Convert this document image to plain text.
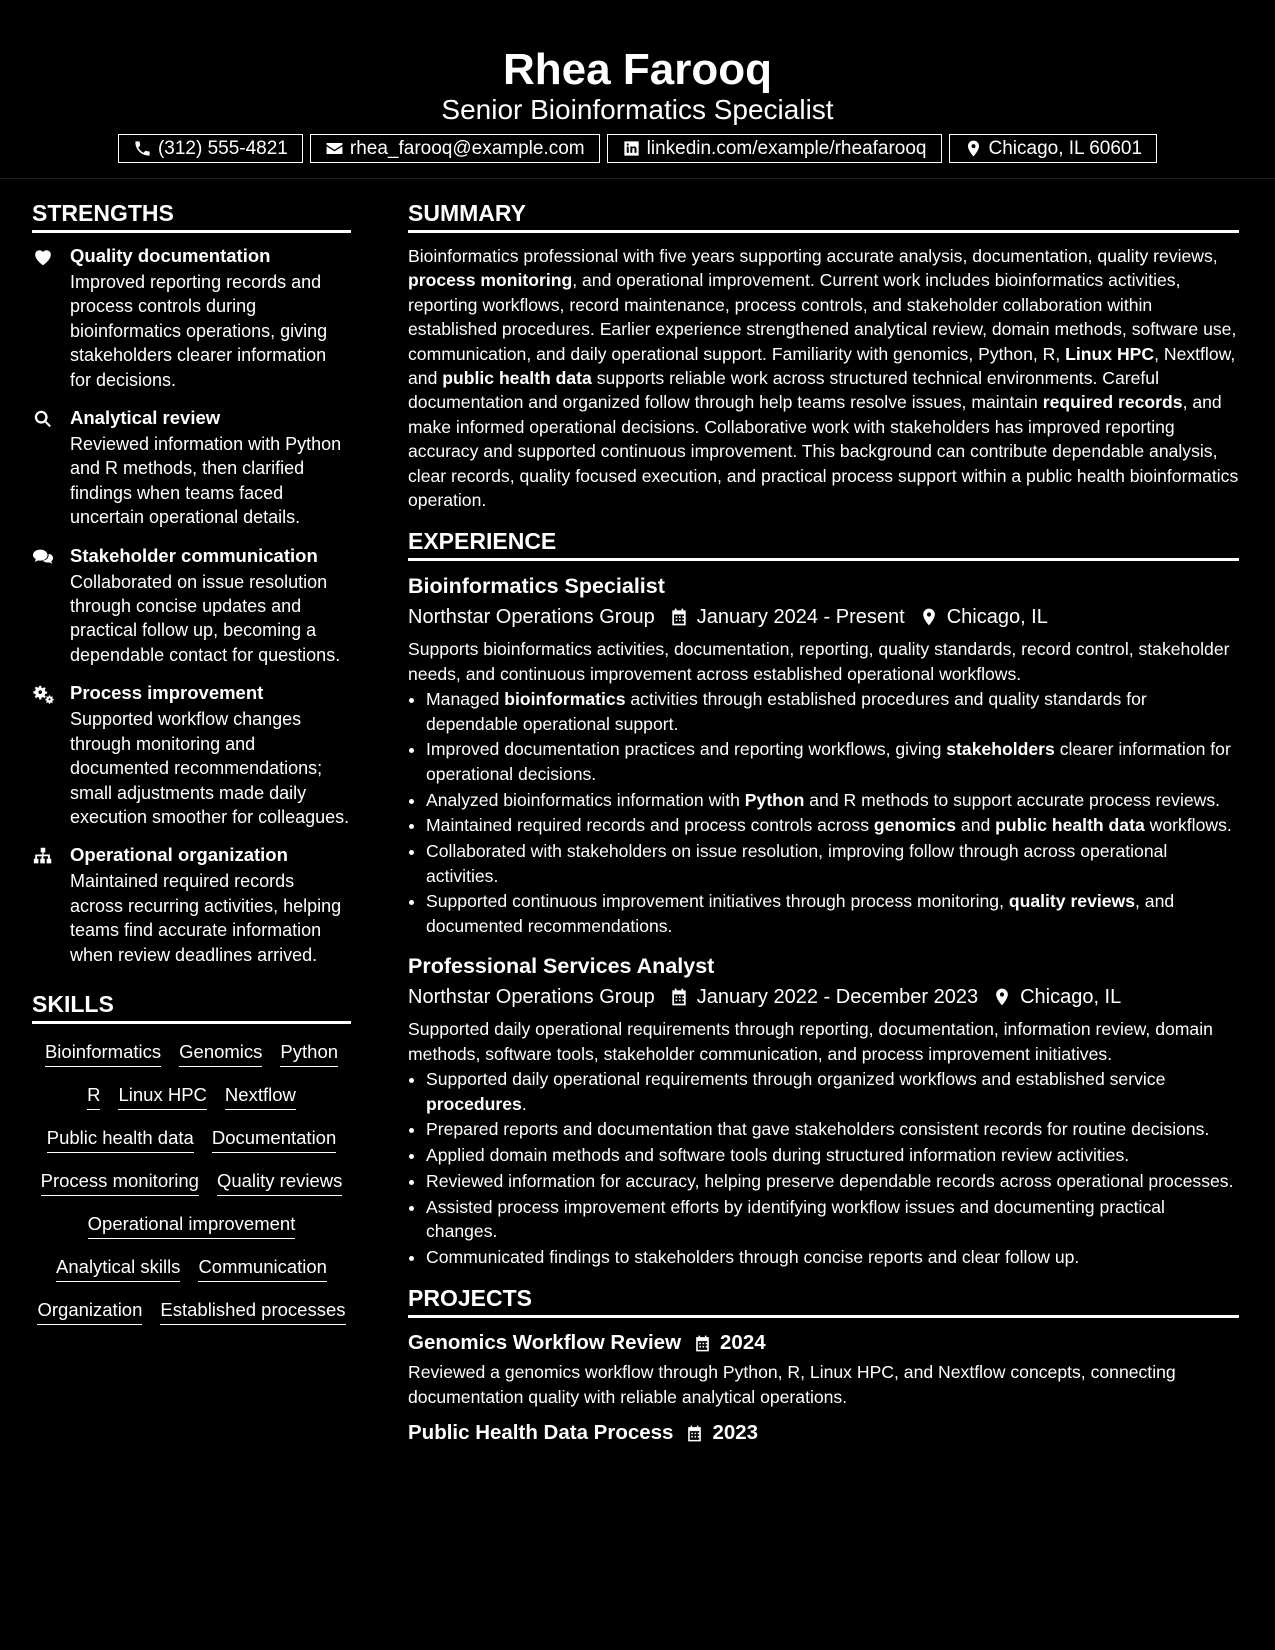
Rhea Farooq
Senior Bioinformatics Specialist
(312) 555-4821	rhea_farooq@example.com	linkedin.com/example/rheafarooq	Chicago, IL 60601
STRENGTHS
Quality documentation
Improved reporting records and process controls during bioinformatics operations, giving stakeholders clearer information for decisions.
Analytical review
Reviewed information with Python and R methods, then clarified findings when teams faced uncertain operational details.
Stakeholder communication
Collaborated on issue resolution through concise updates and practical follow up, becoming a dependable contact for questions.
Process improvement
Supported workflow changes through monitoring and documented recommendations; small adjustments made daily execution smoother for colleagues.
Operational organization
Maintained required records across recurring activities, helping teams find accurate information when review deadlines arrived.
SKILLS
Bioinformatics Genomics Python
R Linux HPC Nextflow
Public health data Documentation
Process monitoring Quality reviews
Operational improvement
Analytical skills Communication
Organization Established processes
SUMMARY
Bioinformatics professional with five years supporting accurate analysis, documentation, quality reviews, process monitoring, and operational improvement. Current work includes bioinformatics activities, reporting workflows, record maintenance, process controls, and stakeholder collaboration within established procedures. Earlier experience strengthened analytical review, domain methods, software use, communication, and daily operational support. Familiarity with genomics, Python, R, Linux HPC, Nextflow, and public health data supports reliable work across structured technical environments. Careful documentation and organized follow through help teams resolve issues, maintain required records, and make informed operational decisions. Collaborative work with stakeholders has improved reporting accuracy and supported continuous improvement. This background can contribute dependable analysis, clear records, quality focused execution, and practical process support within a public health bioinformatics operation.
EXPERIENCE
Bioinformatics Specialist
Northstar Operations Group January 2024 - Present Chicago, IL
Supports bioinformatics activities, documentation, reporting, quality standards, record control, stakeholder needs, and continuous improvement across established operational workflows.
• Managed bioinformatics activities through established procedures and quality standards for dependable operational support.
• Improved documentation practices and reporting workflows, giving stakeholders clearer information for operational decisions.
• Analyzed bioinformatics information with Python and R methods to support accurate process reviews.
• Maintained required records and process controls across genomics and public health data workflows.
• Collaborated with stakeholders on issue resolution, improving follow through across operational activities.
• Supported continuous improvement initiatives through process monitoring, quality reviews, and documented recommendations.
Professional Services Analyst
Northstar Operations Group January 2022 - December 2023 Chicago, IL
Supported daily operational requirements through reporting, documentation, information review, domain methods, software tools, stakeholder communication, and process improvement initiatives.
• Supported daily operational requirements through organized workflows and established service procedures.
• Prepared reports and documentation that gave stakeholders consistent records for routine decisions.
• Applied domain methods and software tools during structured information review activities.
• Reviewed information for accuracy, helping preserve dependable records across operational processes.
• Assisted process improvement efforts by identifying workflow issues and documenting practical changes.
• Communicated findings to stakeholders through concise reports and clear follow up.
PROJECTS
Genomics Workflow Review 2024
Reviewed a genomics workflow through Python, R, Linux HPC, and Nextflow concepts, connecting documentation quality with reliable analytical operations.
Public Health Data Process 2023
